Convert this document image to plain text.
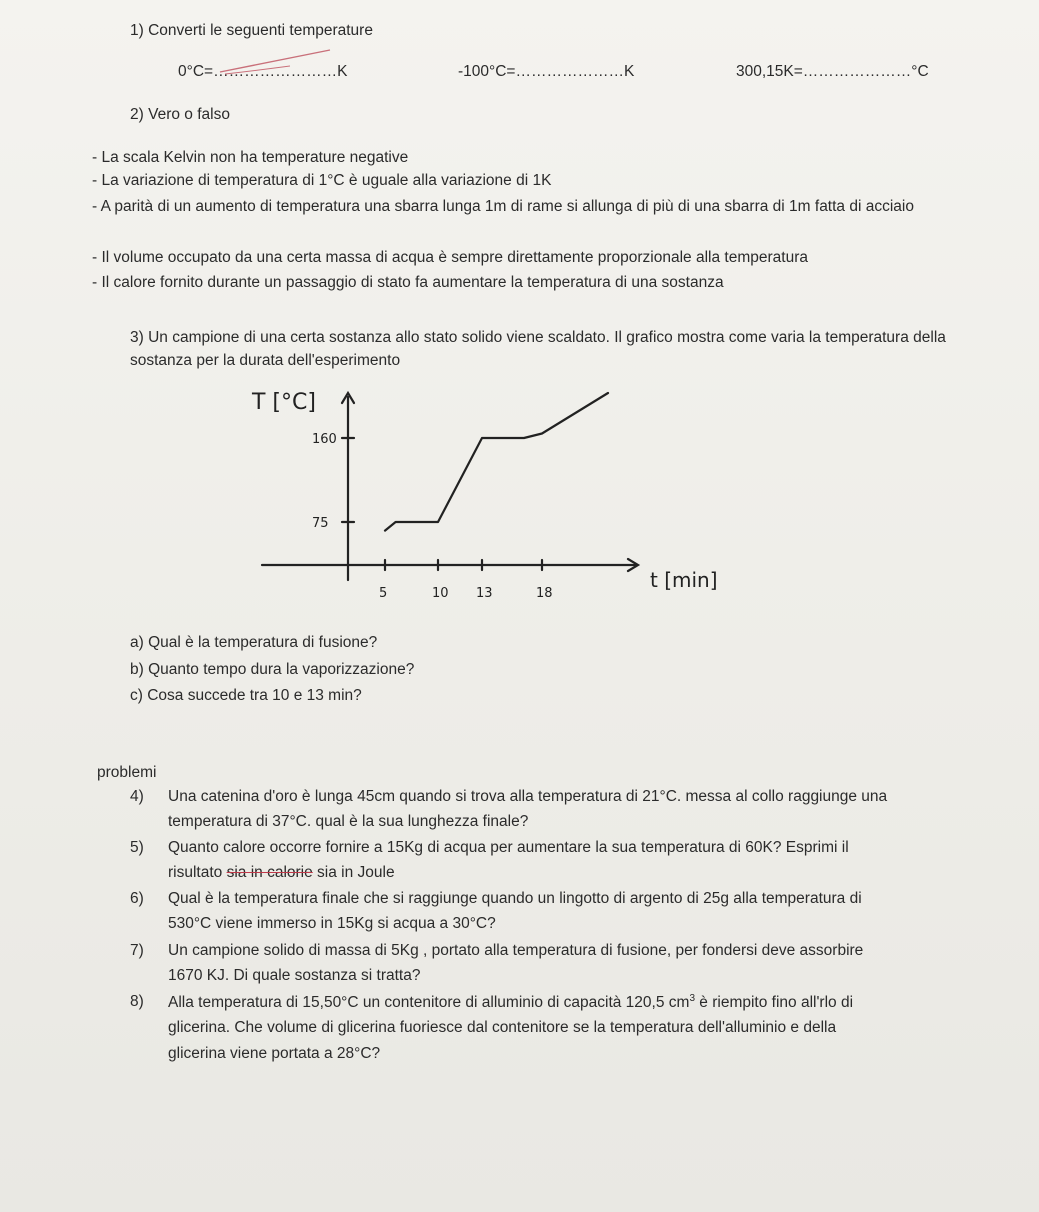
1) Converti le seguenti temperature
0°C=……………………K	-100°C=…………………K	300,15K=…………………°C
2) Vero o falso
- La scala Kelvin non ha temperature negative
- La variazione di temperatura di 1°C è uguale alla variazione di 1K
- A parità di un aumento di temperatura una sbarra lunga 1m di rame si allunga di più di una sbarra di 1m fatta di acciaio
- Il volume occupato da una certa massa di acqua è sempre direttamente proporzionale alla temperatura
- Il calore fornito durante un passaggio di stato fa aumentare la temperatura di una sostanza
3) Un campione di una certa sostanza allo stato solido viene scaldato. Il grafico mostra come varia la temperatura della sostanza per la durata dell'esperimento
5	10 13	18
75
160
T [°C]
t [min]
a) Qual è la temperatura di fusione?
b) Quanto tempo dura la vaporizzazione?
c) Cosa succede tra 10 e 13 min?
problemi
4) Una catenina d'oro è lunga 45cm quando si trova alla temperatura di 21°C. messa al collo raggiunge una
temperatura di 37°C. qual è la sua lunghezza finale?
5) Quanto calore occorre fornire a 15Kg di acqua per aumentare la sua temperatura di 60K? Esprimi il
risultato sia in calorie sia in Joule
6) Qual è la temperatura finale che si raggiunge quando un lingotto di argento di 25g alla temperatura di
530°C viene immerso in 15Kg si acqua a 30°C?
7) Un campione solido di massa di 5Kg , portato alla temperatura di fusione, per fondersi deve assorbire
1670 KJ. Di quale sostanza si tratta?
8) Alla temperatura di 15,50°C un contenitore di alluminio di capacità 120,5 $cm^3$ è riempito fino all'rlo di
glicerina. Che volume di glicerina fuoriesce dal contenitore se la temperatura dell'alluminio e della
glicerina viene portata a 28°C?
